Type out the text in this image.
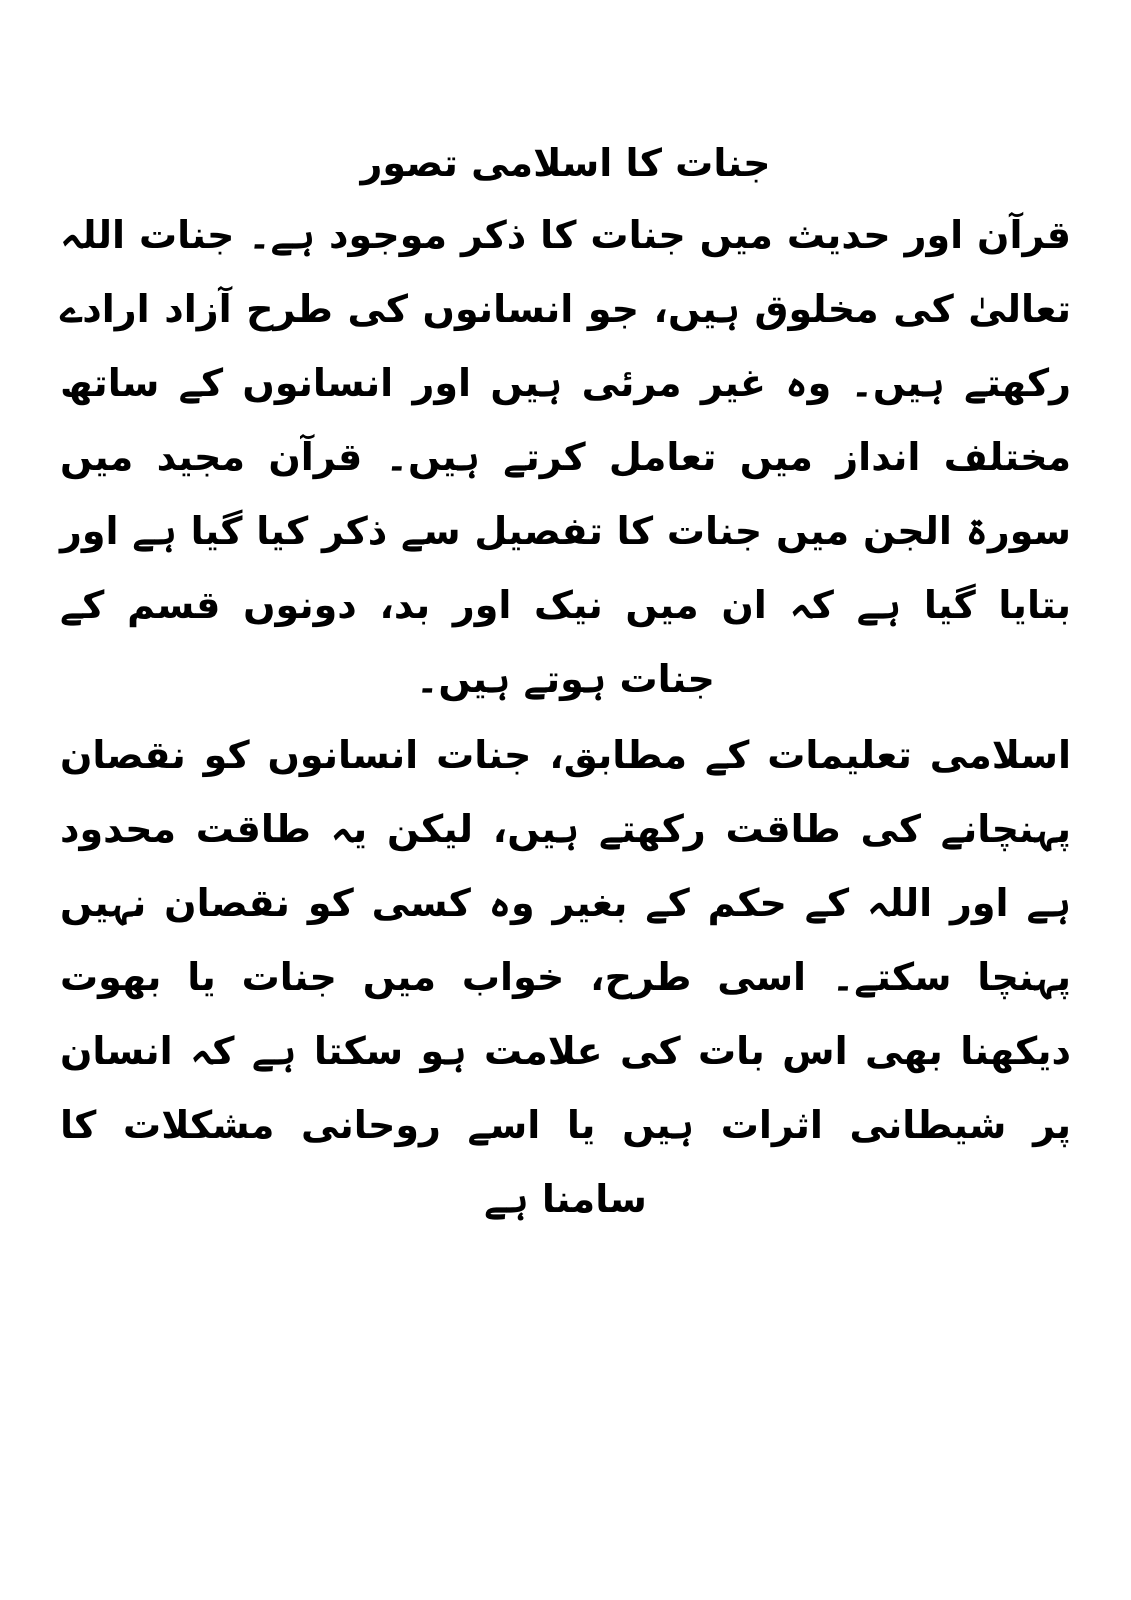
جنات کا اسلامی تصور

قرآن اور حدیث میں جنات کا ذکر موجود ہے۔ جنات اللہ تعالیٰ کی مخلوق ہیں، جو انسانوں کی طرح آزاد ارادے رکھتے ہیں۔ وہ غیر مرئی ہیں اور انسانوں کے ساتھ مختلف انداز میں تعامل کرتے ہیں۔ قرآن مجید میں سورۃ الجن میں جنات کا تفصیل سے ذکر کیا گیا ہے اور بتایا گیا ہے کہ ان میں نیک اور بد، دونوں قسم کے جنات ہوتے ہیں۔

اسلامی تعلیمات کے مطابق، جنات انسانوں کو نقصان پہنچانے کی طاقت رکھتے ہیں، لیکن یہ طاقت محدود ہے اور اللہ کے حکم کے بغیر وہ کسی کو نقصان نہیں پہنچا سکتے۔ اسی طرح، خواب میں جنات یا بھوت دیکھنا بھی اس بات کی علامت ہو سکتا ہے کہ انسان پر شیطانی اثرات ہیں یا اسے روحانی مشکلات کا سامنا ہے
